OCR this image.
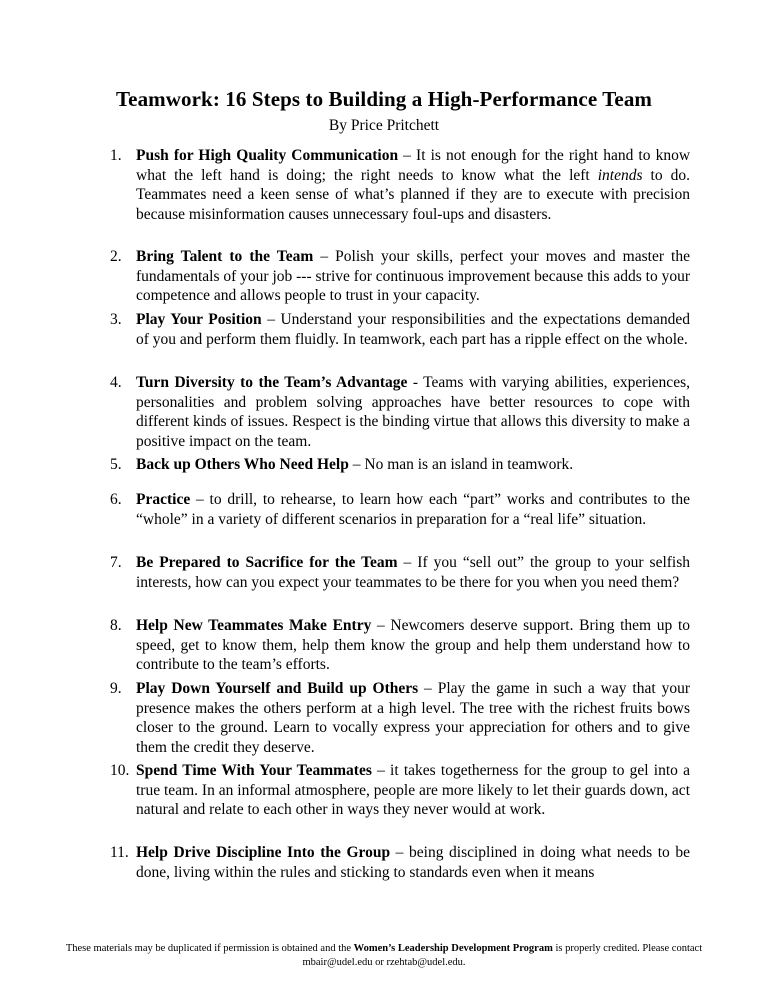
Teamwork: 16 Steps to Building a High-Performance Team
By Price Pritchett
1. Push for High Quality Communication – It is not enough for the right hand to know what the left hand is doing; the right needs to know what the left intends to do. Teammates need a keen sense of what’s planned if they are to execute with precision because misinformation causes unnecessary foul-ups and disasters.
2. Bring Talent to the Team – Polish your skills, perfect your moves and master the fundamentals of your job --- strive for continuous improvement because this adds to your competence and allows people to trust in your capacity.
3. Play Your Position – Understand your responsibilities and the expectations demanded of you and perform them fluidly. In teamwork, each part has a ripple effect on the whole.
4. Turn Diversity to the Team’s Advantage - Teams with varying abilities, experiences, personalities and problem solving approaches have better resources to cope with different kinds of issues. Respect is the binding virtue that allows this diversity to make a positive impact on the team.
5. Back up Others Who Need Help – No man is an island in teamwork.
6. Practice – to drill, to rehearse, to learn how each “part” works and contributes to the “whole” in a variety of different scenarios in preparation for a “real life” situation.
7. Be Prepared to Sacrifice for the Team – If you “sell out” the group to your selfish interests, how can you expect your teammates to be there for you when you need them?
8. Help New Teammates Make Entry – Newcomers deserve support. Bring them up to speed, get to know them, help them know the group and help them understand how to contribute to the team’s efforts.
9. Play Down Yourself and Build up Others – Play the game in such a way that your presence makes the others perform at a high level. The tree with the richest fruits bows closer to the ground. Learn to vocally express your appreciation for others and to give them the credit they deserve.
10. Spend Time With Your Teammates – it takes togetherness for the group to gel into a true team. In an informal atmosphere, people are more likely to let their guards down, act natural and relate to each other in ways they never would at work.
11. Help Drive Discipline Into the Group – being disciplined in doing what needs to be done, living within the rules and sticking to standards even when it means
These materials may be duplicated if permission is obtained and the Women’s Leadership Development Program is properly credited. Please contact mbair@udel.edu or rzehtab@udel.edu.
